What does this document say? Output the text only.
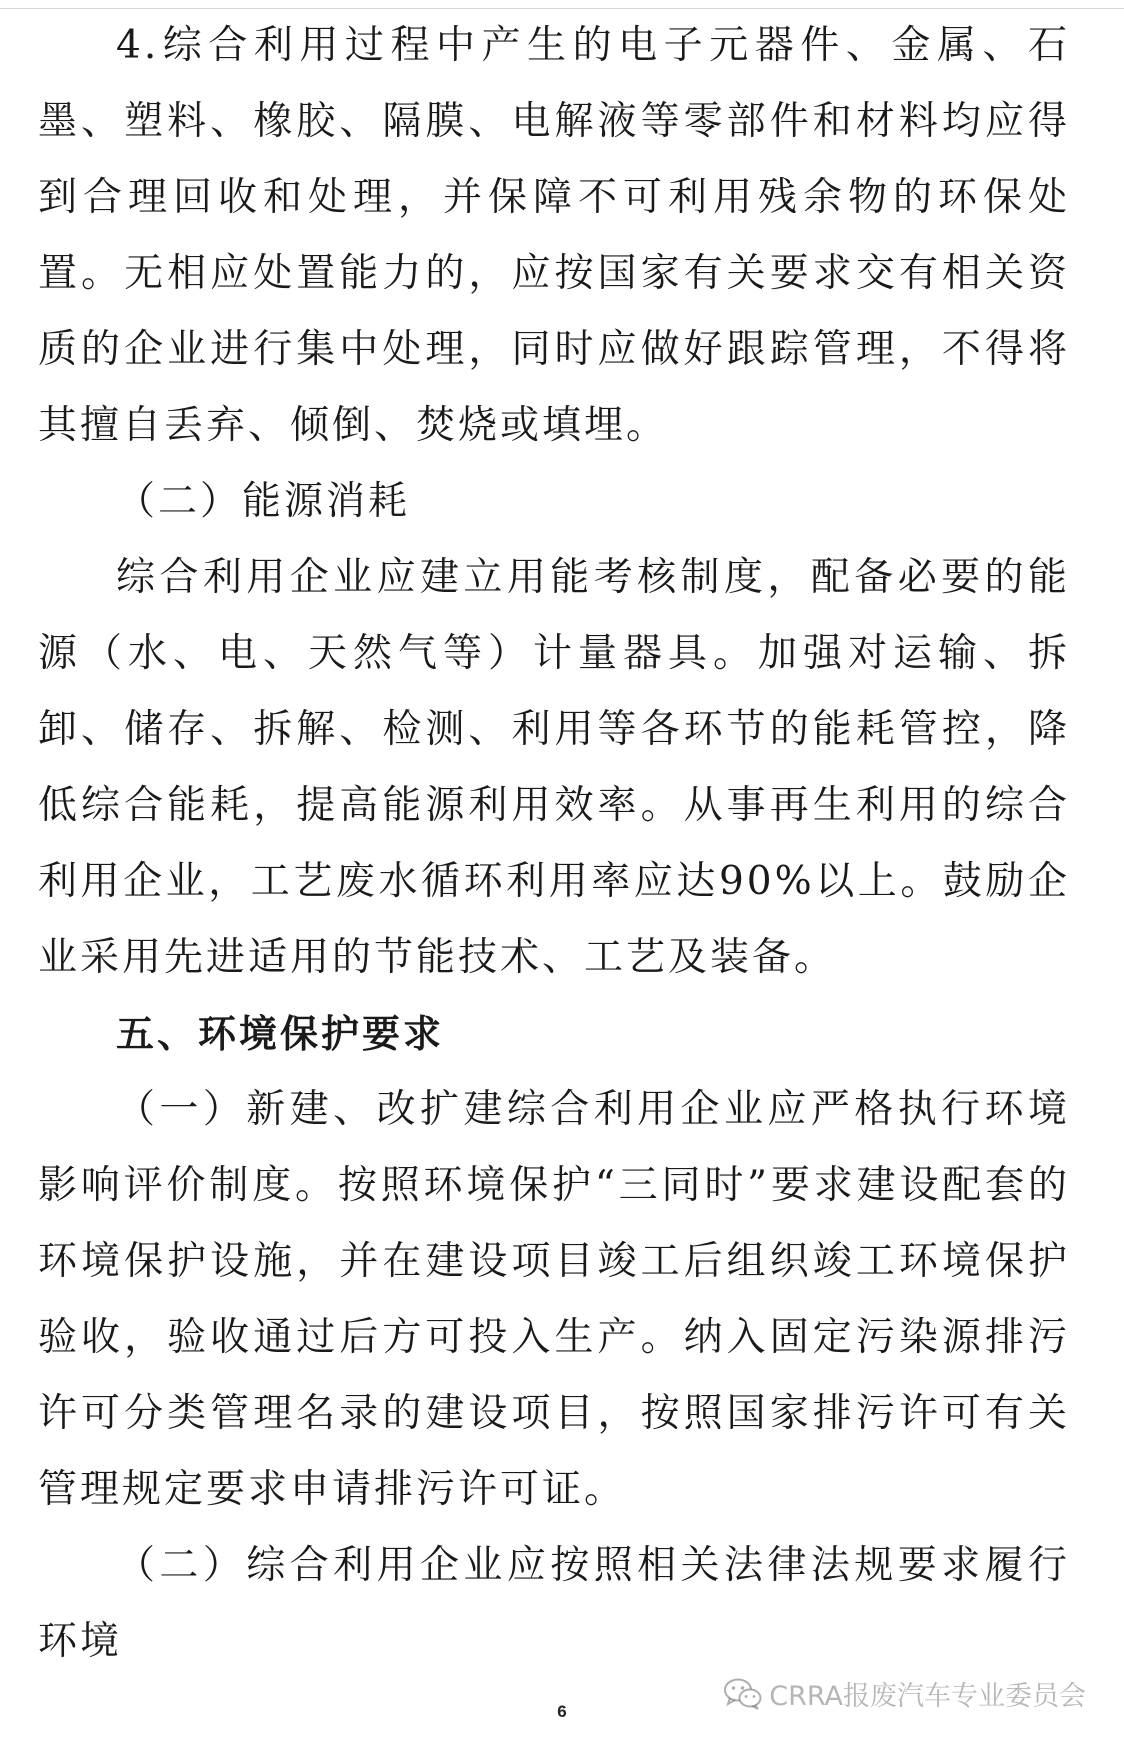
4.综合利用过程中产生的电子元器件、金属、石墨、塑料、橡胶、隔膜、电解液等零部件和材料均应得到合理回收和处理，并保障不可利用残余物的环保处置。无相应处置能力的，应按国家有关要求交有相关资质的企业进行集中处理，同时应做好跟踪管理，不得将其擅自丢弃、倾倒、焚烧或填埋。

（二）能源消耗

综合利用企业应建立用能考核制度，配备必要的能源（水、电、天然气等）计量器具。加强对运输、拆卸、储存、拆解、检测、利用等各环节的能耗管控，降低综合能耗，提高能源利用效率。从事再生利用的综合利用企业，工艺废水循环利用率应达90%以上。鼓励企业采用先进适用的节能技术、工艺及装备。

五、环境保护要求

（一）新建、改扩建综合利用企业应严格执行环境影响评价制度。按照环境保护“三同时”要求建设配套的环境保护设施，并在建设项目竣工后组织竣工环境保护验收，验收通过后方可投入生产。纳入固定污染源排污许可分类管理名录的建设项目，按照国家排污许可有关管理规定要求申请排污许可证。

（二）综合利用企业应按照相关法律法规要求履行环境

CRRA报废汽车专业委员会
6
